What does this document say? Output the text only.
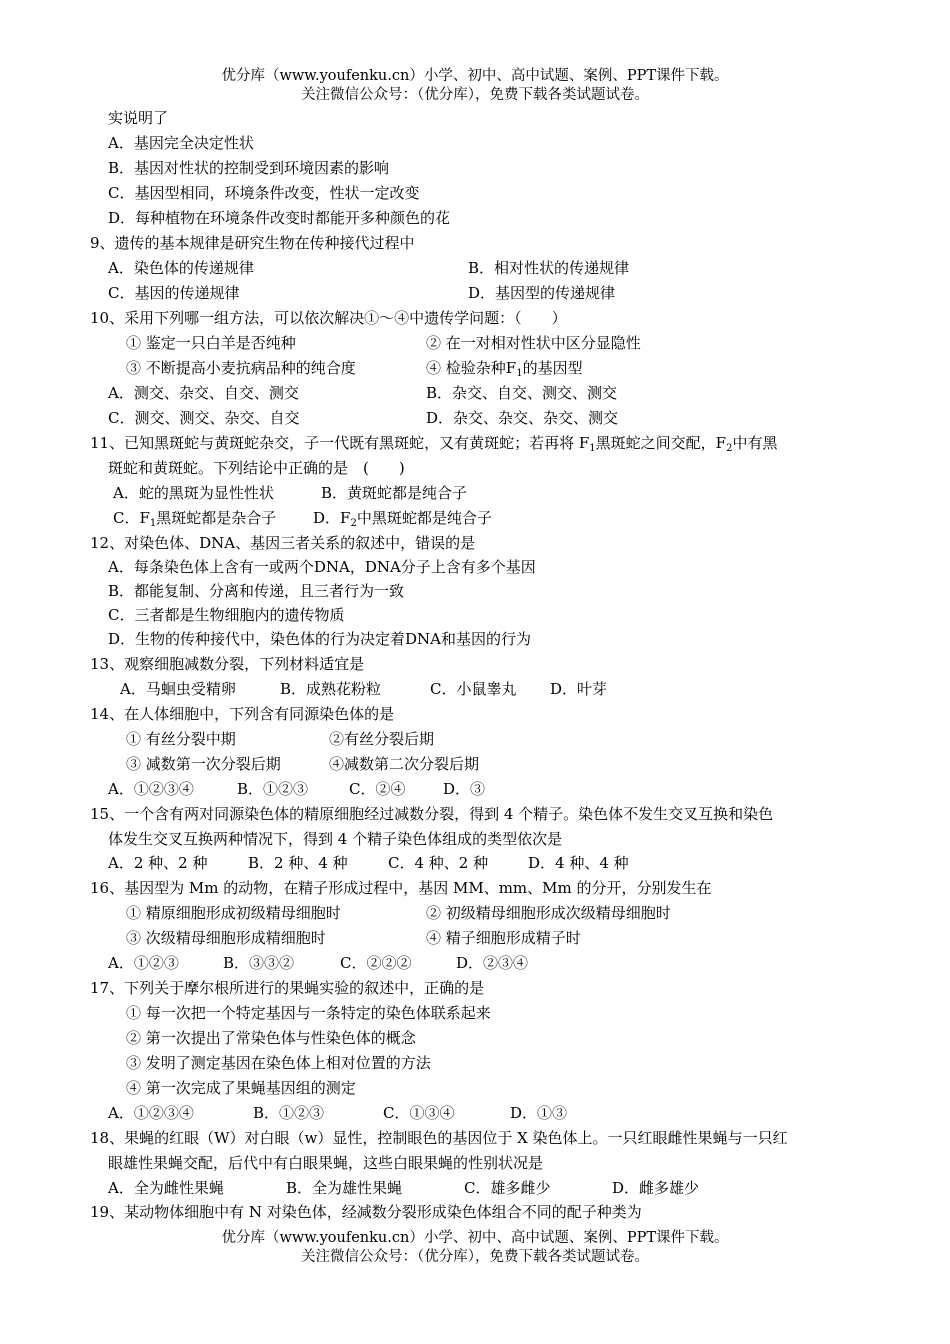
优分库（www.youfenku.cn）小学、初中、高中试题、案例、PPT课件下载。
关注微信公众号：（优分库），免费下载各类试题试卷。
实说明了
A．基因完全决定性状
B．基因对性状的控制受到环境因素的影响
C．基因型相同，环境条件改变，性状一定改变
D．每种植物在环境条件改变时都能开多种颜色的花
9、遗传的基本规律是研究生物在传种接代过程中
A．染色体的传递规律	B．相对性状的传递规律
C．基因的传递规律	D．基因型的传递规律
10、采用下列哪一组方法，可以依次解决①～④中遗传学问题：（　　）
① 鉴定一只白羊是否纯种	② 在一对相对性状中区分显隐性
③ 不断提高小麦抗病品种的纯合度	④ 检验杂种$F_1$的基因型
A．测交、杂交、自交、测交	B．杂交、自交、测交、测交
C．测交、测交、杂交、自交	D．杂交、杂交、杂交、测交
11、已知黑斑蛇与黄斑蛇杂交，子一代既有黑斑蛇，又有黄斑蛇；若再将 $F_1$黑斑蛇之间交配，$F_2$中有黑
斑蛇和黄斑蛇。下列结论中正确的是　(　　)
A．蛇的黑斑为显性性状	B．黄斑蛇都是纯合子
C．$F_1$黑斑蛇都是杂合子 D．$F_2$中黑斑蛇都是纯合子
12、对染色体、DNA、基因三者关系的叙述中，错误的是
A．每条染色体上含有一或两个DNA，DNA分子上含有多个基因
B．都能复制、分离和传递，且三者行为一致
C．三者都是生物细胞内的遗传物质
D．生物的传种接代中，染色体的行为决定着DNA和基因的行为
13、观察细胞减数分裂，下列材料适宜是
A．马蛔虫受精卵	B．成熟花粉粒	C．小鼠睾丸 D．叶芽
14、在人体细胞中，下列含有同源染色体的是
① 有丝分裂中期	②有丝分裂后期
③ 减数第一次分裂后期	④减数第二次分裂后期
A．①②③④	B．①②③	C．②④	D．③
15、一个含有两对同源染色体的精原细胞经过减数分裂，得到 4 个精子。染色体不发生交叉互换和染色
体发生交叉互换两种情况下，得到 4 个精子染色体组成的类型依次是
A．2 种、2 种	B．2 种、4 种	C．4 种、2 种	D．4 种、4 种
16、基因型为 Mm 的动物，在精子形成过程中，基因 MM、mm、Mm 的分开，分别发生在
① 精原细胞形成初级精母细胞时	② 初级精母细胞形成次级精母细胞时
③ 次级精母细胞形成精细胞时	④ 精子细胞形成精子时
A．①②③	B．③③②	C．②②②	D．②③④
17、下列关于摩尔根所进行的果蝇实验的叙述中，正确的是
① 每一次把一个特定基因与一条特定的染色体联系起来
② 第一次提出了常染色体与性染色体的概念
③ 发明了测定基因在染色体上相对位置的方法
④ 第一次完成了果蝇基因组的测定
A．①②③④	B．①②③	C．①③④	D．①③
18、果蝇的红眼（W）对白眼（w）显性，控制眼色的基因位于 X 染色体上。一只红眼雌性果蝇与一只红
眼雄性果蝇交配，后代中有白眼果蝇，这些白眼果蝇的性别状况是
A．全为雌性果蝇	B．全为雄性果蝇	C．雄多雌少	D．雌多雄少
19、某动物体细胞中有 N 对染色体，经减数分裂形成染色体组合不同的配子种类为
优分库（www.youfenku.cn）小学、初中、高中试题、案例、PPT课件下载。
关注微信公众号：（优分库），免费下载各类试题试卷。
